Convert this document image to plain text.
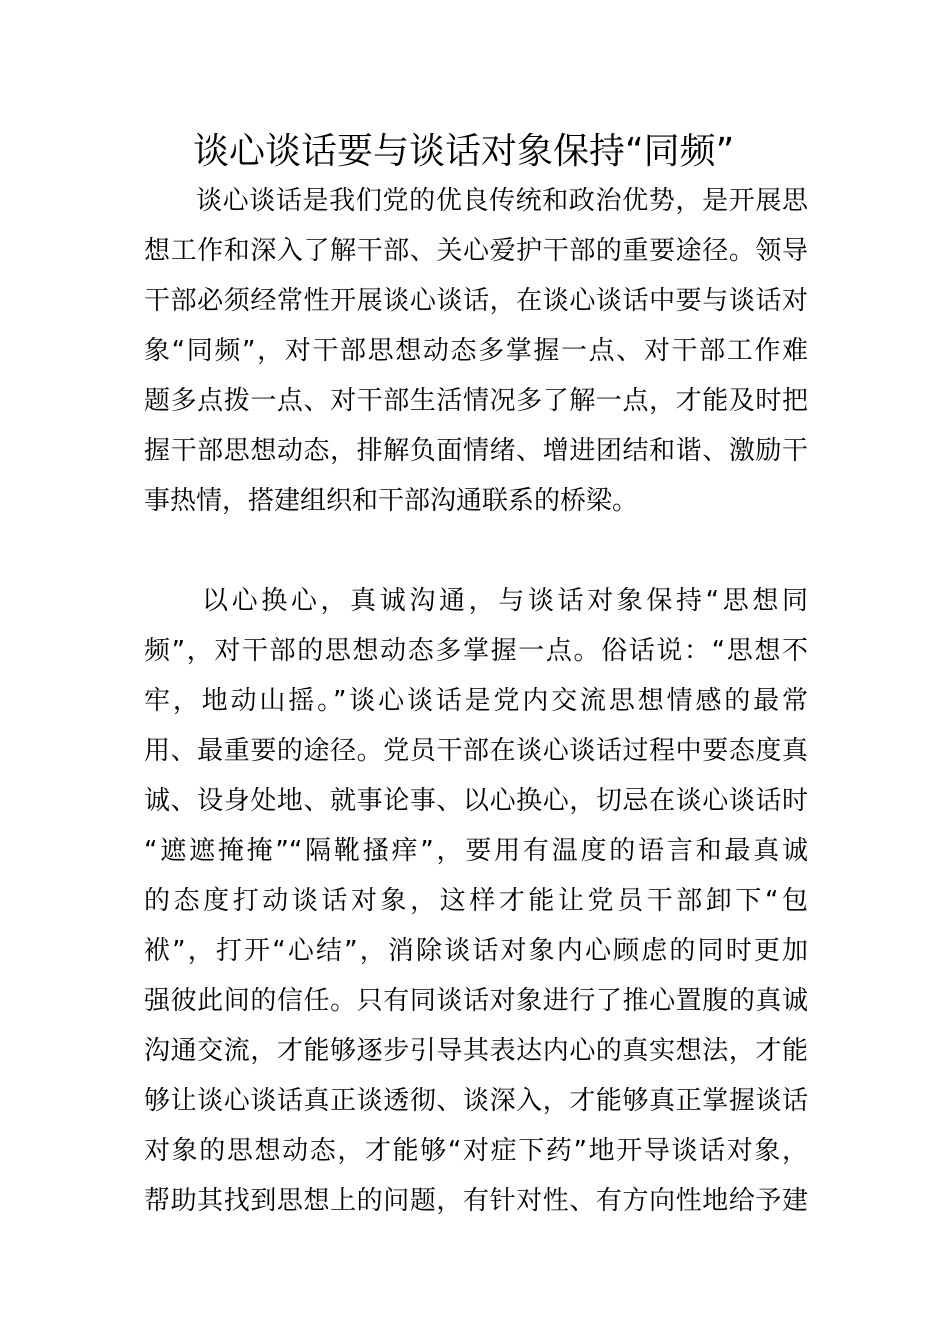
谈心谈话要与谈话对象保持“同频”
谈心谈话是我们党的优良传统和政治优势，是开展思
想工作和深入了解干部、关心爱护干部的重要途径。领导
干部必须经常性开展谈心谈话，在谈心谈话中要与谈话对
象“同频”，对干部思想动态多掌握一点、对干部工作难
题多点拨一点、对干部生活情况多了解一点，才能及时把
握干部思想动态，排解负面情绪、增进团结和谐、激励干
事热情，搭建组织和干部沟通联系的桥梁。
以心换心，真诚沟通，与谈话对象保持“思想同
频”，对干部的思想动态多掌握一点。俗话说：“思想不
牢，地动山摇。”谈心谈话是党内交流思想情感的最常
用、最重要的途径。党员干部在谈心谈话过程中要态度真
诚、设身处地、就事论事、以心换心，切忌在谈心谈话时
“遮遮掩掩”“隔靴搔痒”，要用有温度的语言和最真诚
的态度打动谈话对象，这样才能让党员干部卸下“包
袱”，打开“心结”，消除谈话对象内心顾虑的同时更加
强彼此间的信任。只有同谈话对象进行了推心置腹的真诚
沟通交流，才能够逐步引导其表达内心的真实想法，才能
够让谈心谈话真正谈透彻、谈深入，才能够真正掌握谈话
对象的思想动态，才能够“对症下药”地开导谈话对象，
帮助其找到思想上的问题，有针对性、有方向性地给予建
